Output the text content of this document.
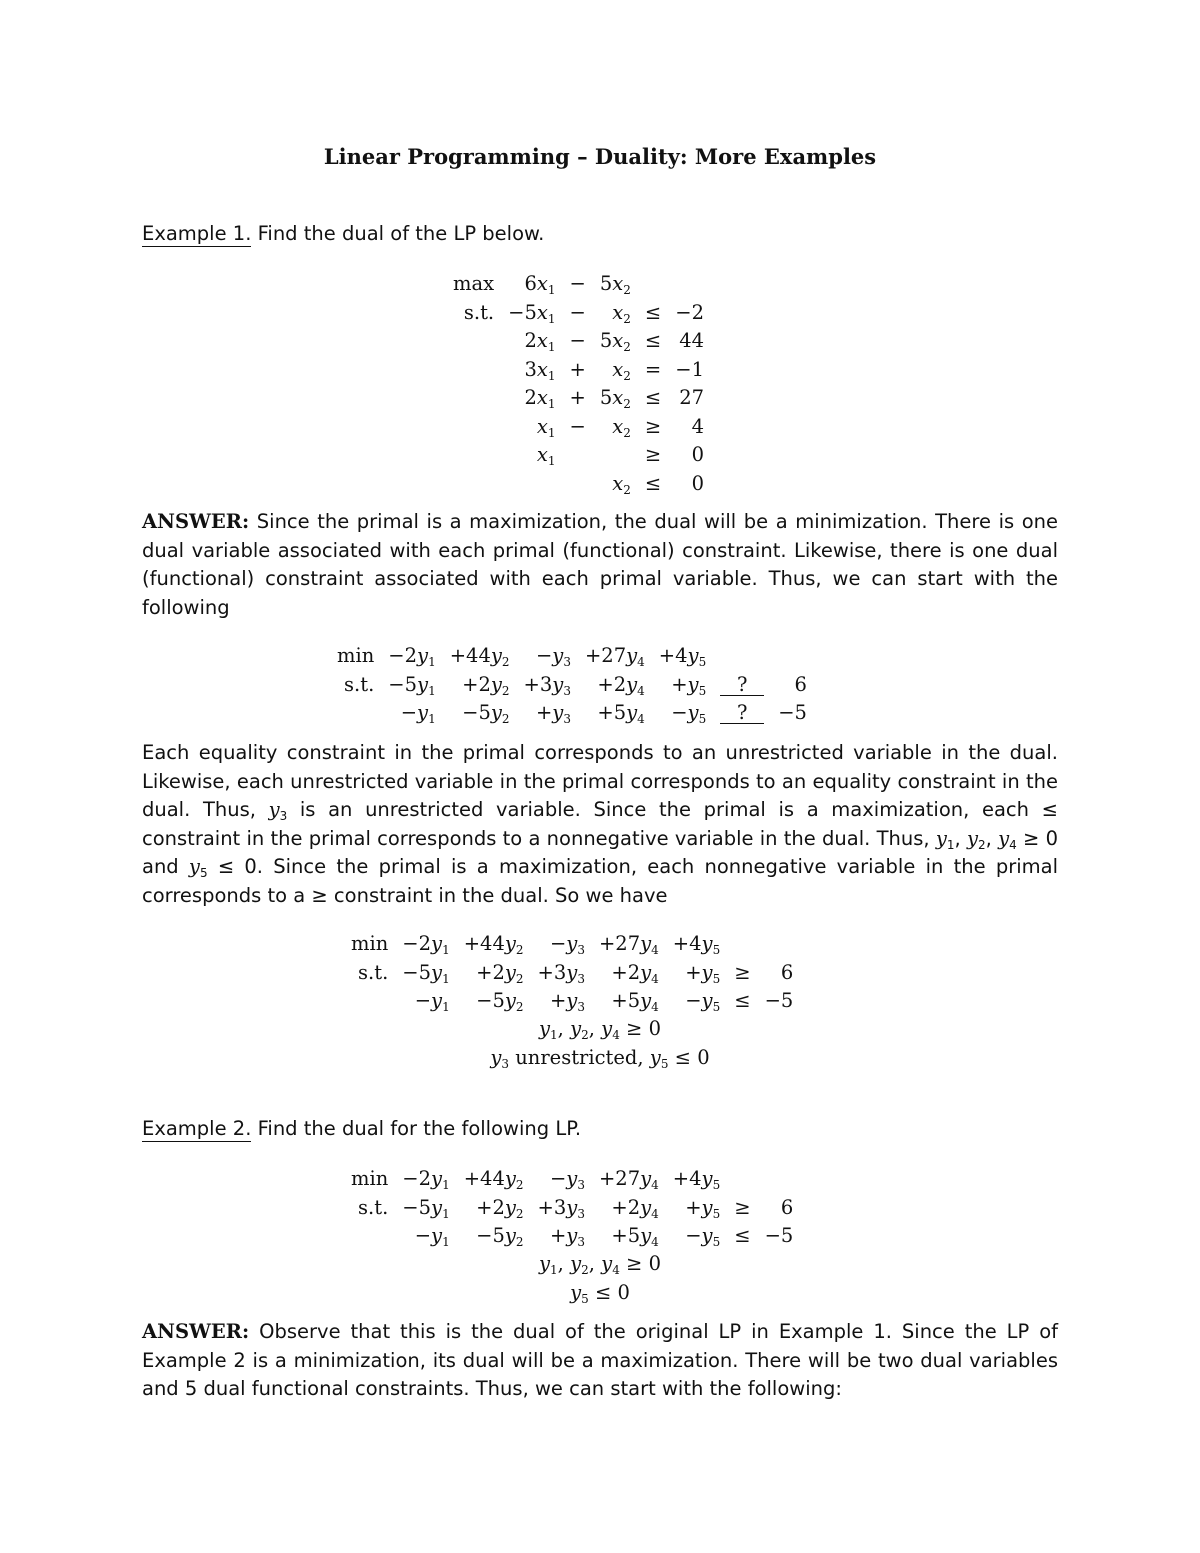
Linear Programming – Duality: More Examples
Example 1. Find the dual of the LP below.
max	$6x_1$	−	$5x_2$		
s.t.	$-5x_1$	−	$x_2$	≤	−2
	$2x_1$	−	$5x_2$	≤	44
	$3x_1$	+	$x_2$	=	−1
	$2x_1$	+	$5x_2$	≤	27
	$x_1$	−	$x_2$	≥	4
	$x_1$			≥	0
			$x_2$	≤	0
ANSWER: Since the primal is a maximization, the dual will be a minimization. There is one dual variable associated with each primal (functional) constraint. Likewise, there is one dual (functional) constraint associated with each primal variable. Thus, we can start with the following
min	$-2y_1$	$+44y_2$	$-y_3$	$+27y_4$	$+4y_5$		
s.t.	$-5y_1$	$+2y_2$	$+3y_3$	$+2y_4$	$+y_5$	?	6
	$-y_1$	$-5y_2$	$+y_3$	$+5y_4$	$-y_5$	?	−5
Each equality constraint in the primal corresponds to an unrestricted variable in the dual. Likewise, each unrestricted variable in the primal corresponds to an equality constraint in the dual. Thus, $y_3$ is an unrestricted variable. Since the primal is a maximization, each ≤ constraint in the primal corresponds to a nonnegative variable in the dual. Thus, $y_1$, $y_2$, $y_4 \ge 0$ and $y_5 \le 0$. Since the primal is a maximization, each nonnegative variable in the primal corresponds to a ≥ constraint in the dual. So we have
min	$-2y_1$	$+44y_2$	$-y_3$	$+27y_4$	$+4y_5$		
s.t.	$-5y_1$	$+2y_2$	$+3y_3$	$+2y_4$	$+y_5$	≥	6
	$-y_1$	$-5y_2$	$+y_3$	$+5y_4$	$-y_5$	≤	−5
$y_1$, $y_2$, $y_4 \ge 0$
$y_3$ unrestricted, $y_5 \le 0$
Example 2. Find the dual for the following LP.
min	$-2y_1$	$+44y_2$	$-y_3$	$+27y_4$	$+4y_5$		
s.t.	$-5y_1$	$+2y_2$	$+3y_3$	$+2y_4$	$+y_5$	≥	6
	$-y_1$	$-5y_2$	$+y_3$	$+5y_4$	$-y_5$	≤	−5
$y_1$, $y_2$, $y_4 \ge 0$
$y_5 \le 0$
ANSWER: Observe that this is the dual of the original LP in Example 1. Since the LP of Example 2 is a minimization, its dual will be a maximization. There will be two dual variables and 5 dual functional constraints. Thus, we can start with the following:
